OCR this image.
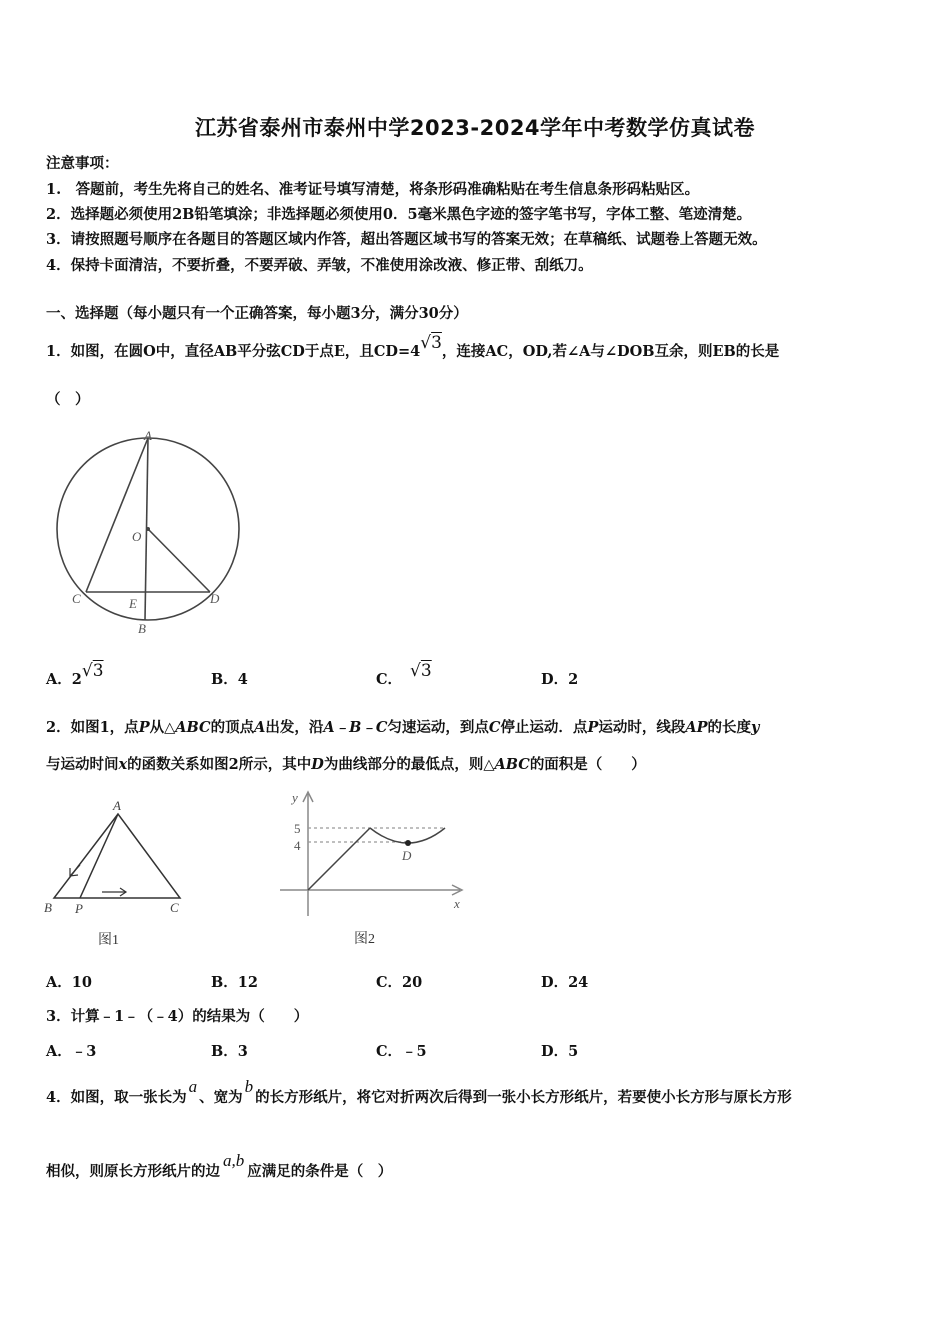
江苏省泰州市泰州中学2023-2024学年中考数学仿真试卷
注意事项：
1.　答题前，考生先将自己的姓名、准考证号填写清楚，将条形码准确粘贴在考生信息条形码粘贴区。
2．选择题必须使用2B铅笔填涂；非选择题必须使用0．5毫米黑色字迹的签字笔书写，字体工整、笔迹清楚。
3．请按照题号顺序在各题目的答题区域内作答，超出答题区域书写的答案无效；在草稿纸、试题卷上答题无效。
4．保持卡面清洁，不要折叠，不要弄破、弄皱，不准使用涂改液、修正带、刮纸刀。
一、选择题（每小题只有一个正确答案，每小题3分，满分30分）
1．如图，在圆O中，直径AB平分弦CD于点E，且CD=4√3，连接AC，OD,若∠A与∠DOB互余，则EB的长是
（　）
A
O
C	E	D
B
A．2√3	B．4	C． √3	D．2
2．如图1，点P从△ABC的顶点A出发，沿A﹣B﹣C匀速运动，到点C停止运动．点P运动时，线段AP的长度y
与运动时间x的函数关系如图2所示，其中D为曲线部分的最低点，则△ABC的面积是（　　）
A
B P	C
图1
y
5
4
D
x
图2
A．10	B．12	C．20	D．24
3．计算﹣1﹣（﹣4）的结果为（　　）
A．﹣3	B．3	C．﹣5	D．5
4．如图，取一张长为a、宽为b的长方形纸片，将它对折两次后得到一张小长方形纸片，若要使小长方形与原长方形
相似，则原长方形纸片的边a,b应满足的条件是（　）
